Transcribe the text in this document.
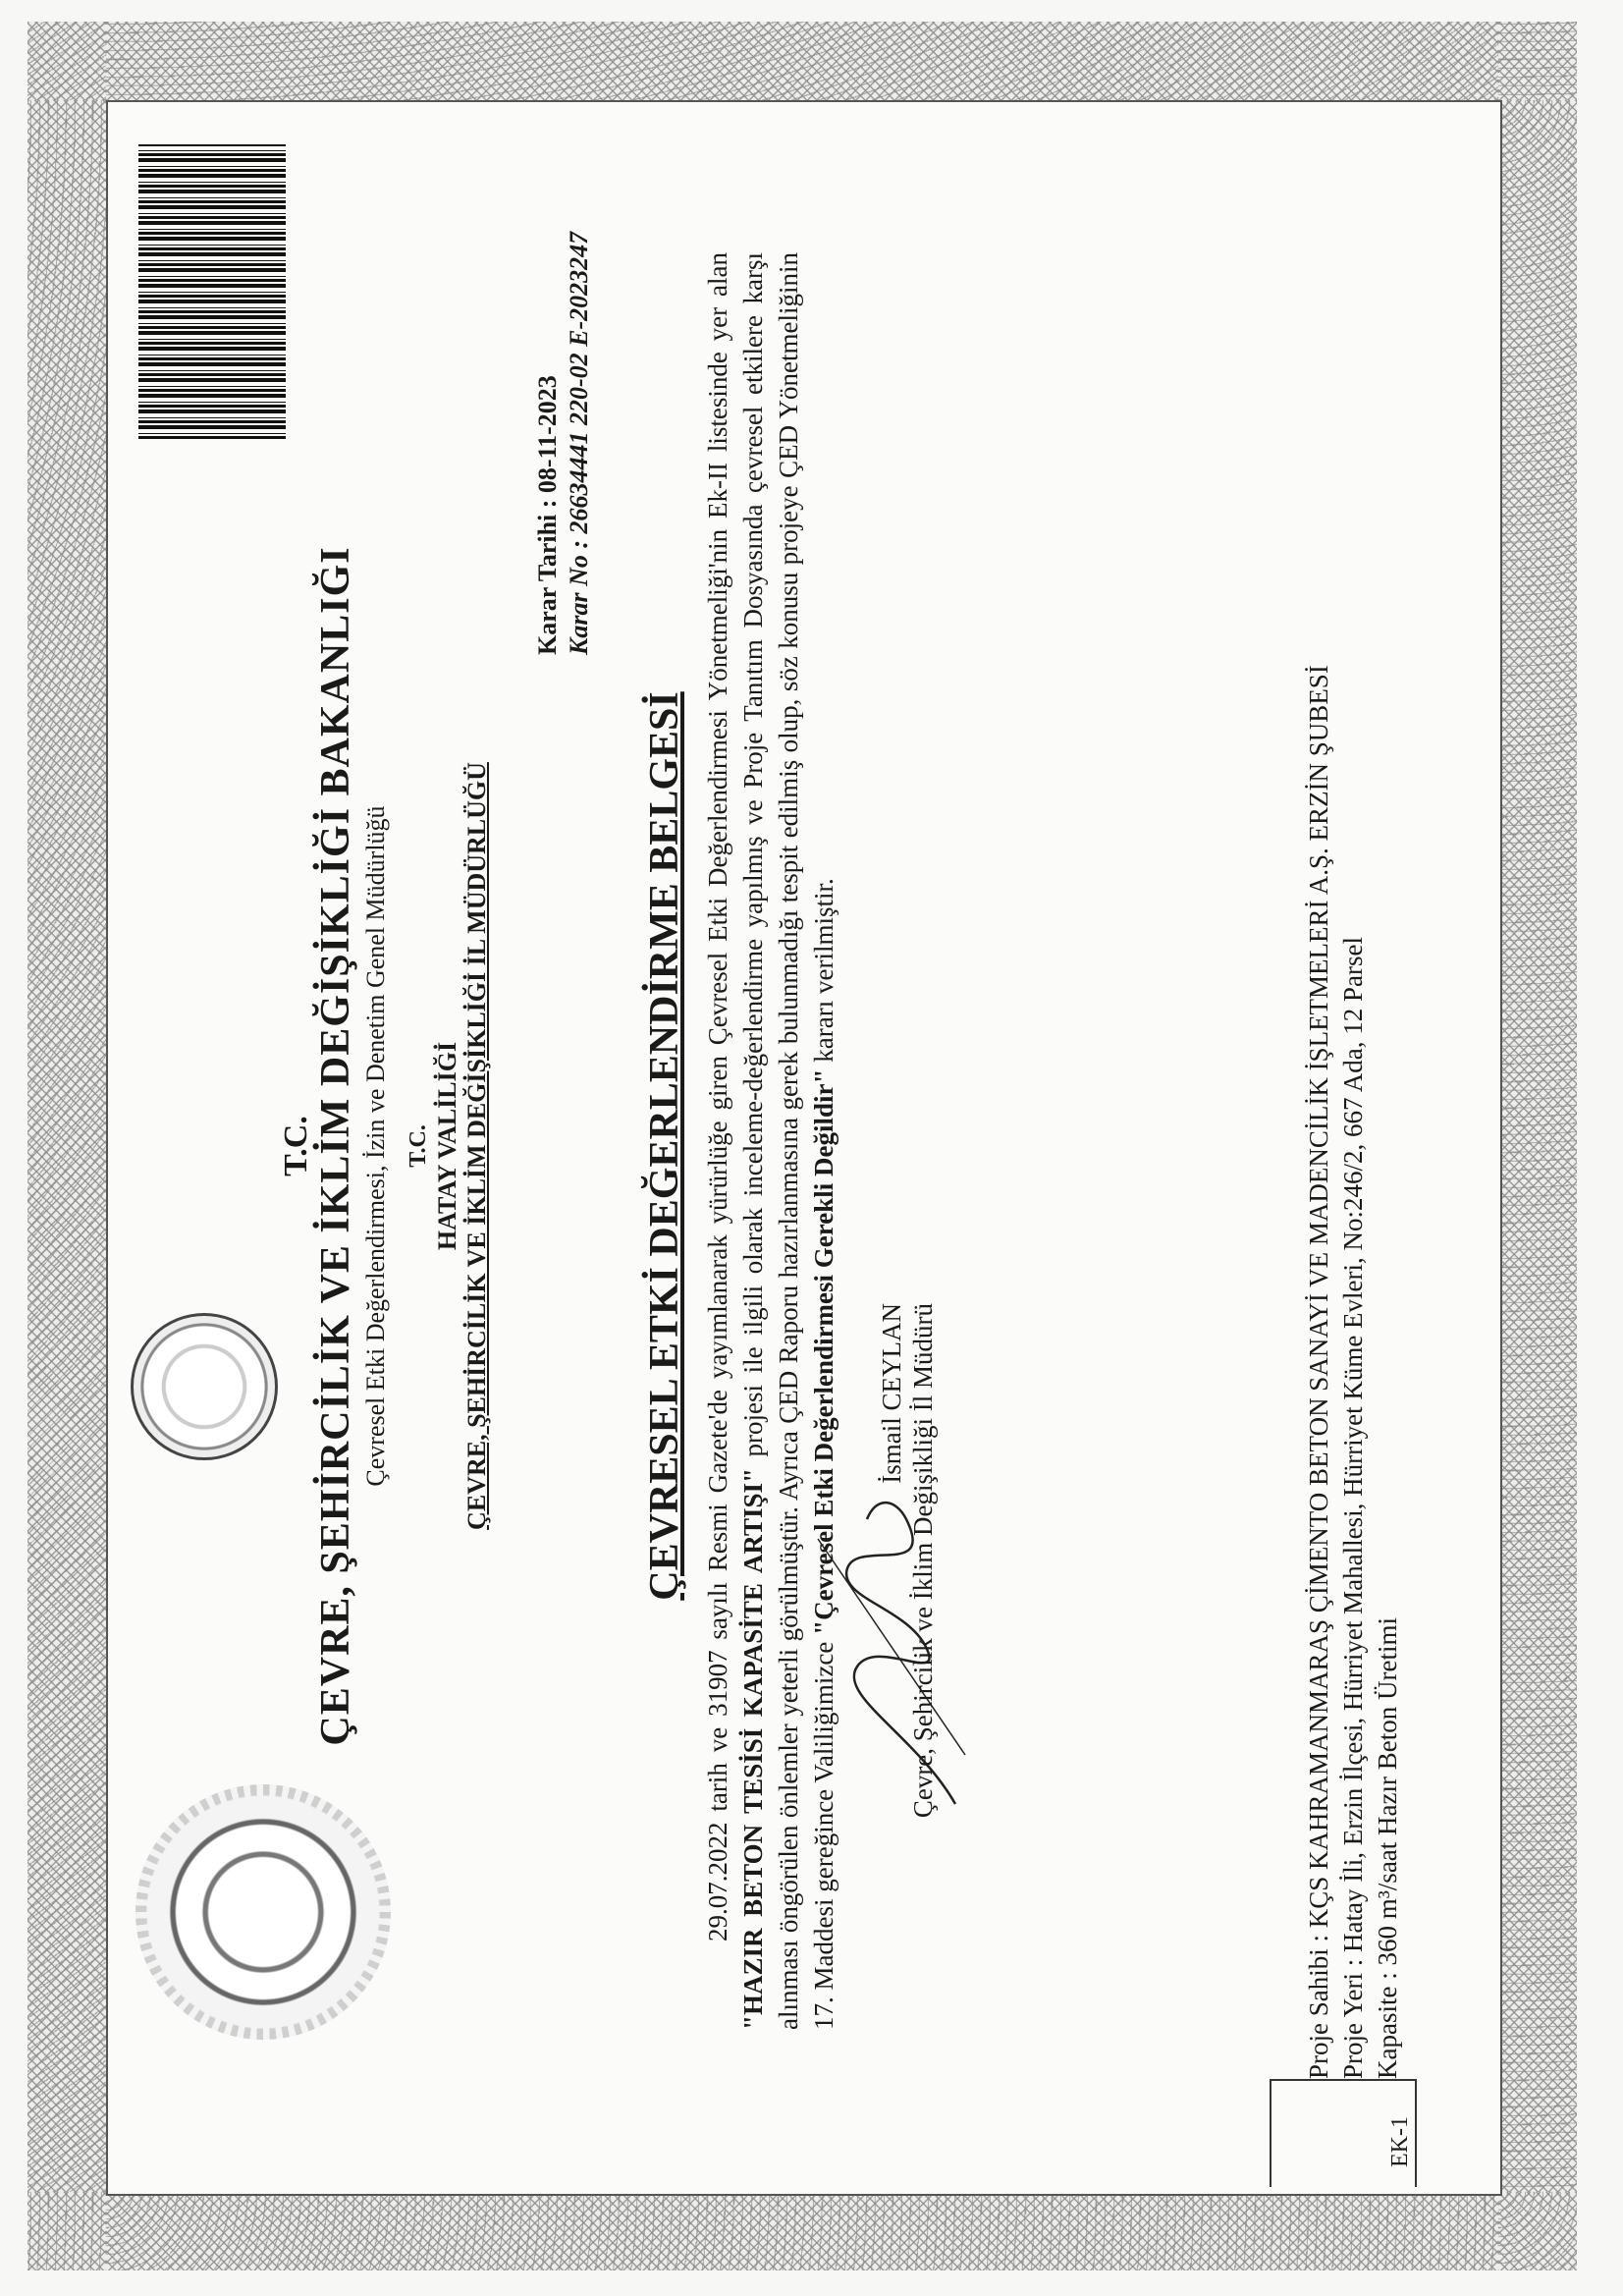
T.C. ÇEVRE, ŞEHİRCİLİK VE İKLİM DEĞİŞİKLİĞİ BAKANLIĞI Çevresel Etki Değerlendirmesi, İzin ve Denetim Genel Müdürlüğü T.C. HATAY VALİLİĞİ ÇEVRE, ŞEHİRCİLİK VE İKLİM DEĞİŞİKLİĞİ İL MÜDÜRLÜĞÜ
Karar Tarihi : 08-11-2023 Karar No : 26634441 220-02 E-2023247
ÇEVRESEL ETKİ DEĞERLENDİRME BELGESİ 29.07.2022 tarih ve 31907 sayılı Resmi Gazete'de yayımlanarak yürürlüğe giren Çevresel Etki Değerlendirmesi Yönetmeliği'nin Ek-II listesinde yer alan "HAZIR BETON TESİSİ KAPASİTE ARTIŞI" projesi ile ilgili olarak inceleme-değerlendirme yapılmış ve Proje Tanıtım Dosyasında çevresel etkilere karşı alınması öngörülen önlemler yeterli görülmüştür. Ayrıca ÇED Raporu hazırlanmasına gerek bulunmadığı tespit edilmiş olup, söz konusu projeye ÇED Yönetmeliğinin 17. Maddesi gereğince Valiliğimizce "Çevresel Etki Değerlendirmesi Gerekli Değildir" kararı verilmiştir.
İsmail CEYLAN Çevre, Şehircilik ve İklim Değişikliği İl Müdürü	Proje Sahibi : KÇS KAHRAMANMARAŞ ÇİMENTO BETON SANAYİ VE MADENCİLİK İŞLETMELERİ A.Ş. ERZİN ŞUBESİ Proje Yeri : Hatay İli, Erzin İlçesi, Hürriyet Mahallesi, Hürriyet Küme Evleri, No:246/2, 667 Ada, 12 Parsel Kapasite : 360 m³/saat Hazır Beton Üretimi
EK-1
